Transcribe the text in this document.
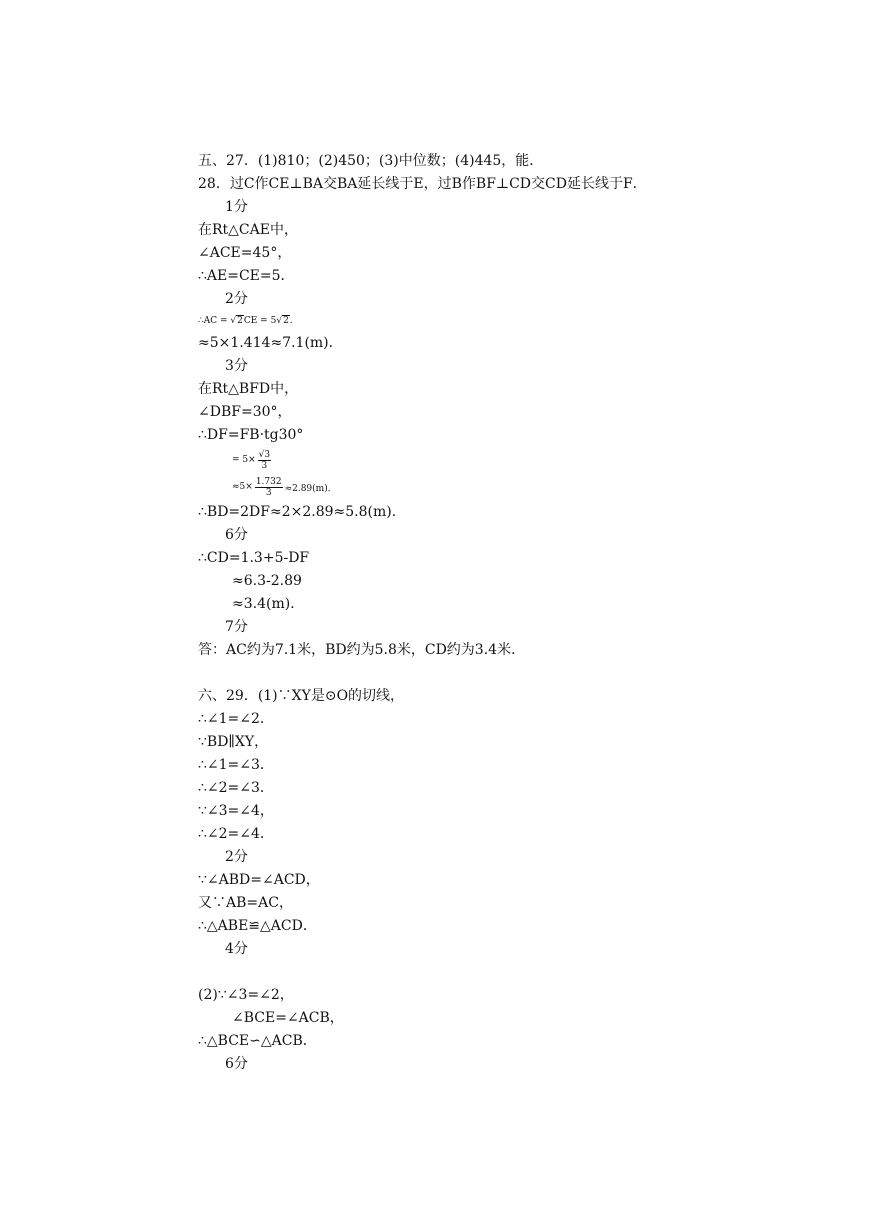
五、27．(1)810；(2)450；(3)中位数；(4)445，能．
28．过C作CE⊥BA交BA延长线于E，过B作BF⊥CD交CD延长线于F．
1分
在Rt△CAE中，
∠ACE=45°，
∴AE=CE=5．
2分
∴AC = √2CE = 5√2.
≈5×1.414≈7.1(m)．
3分
在Rt△BFD中，
∠DBF=30°，
∴DF=FB·tg30°
= $5\times \frac{√3}{3}$
$\approx 5\times \frac{1.732}{3} \approx 2.89(m)$．
∴BD=2DF≈2×2.89≈5.8(m)．
6分
∴CD=1.3+5-DF
≈6.3-2.89
≈3.4(m)．
7分
答：AC约为7.1米，BD约为5.8米，CD约为3.4米．
六、29．(1)∵XY是⊙O的切线，
∴∠1=∠2．
∵BD∥XY，
∴∠1=∠3．
∴∠2=∠3．
∵∠3=∠4，
∴∠2=∠4．
2分
∵∠ABD=∠ACD，
又∵AB=AC，
∴△ABE≌△ACD．
4分
(2)∵∠3=∠2，
∠BCE=∠ACB，
∴△BCE∽△ACB．
6分
